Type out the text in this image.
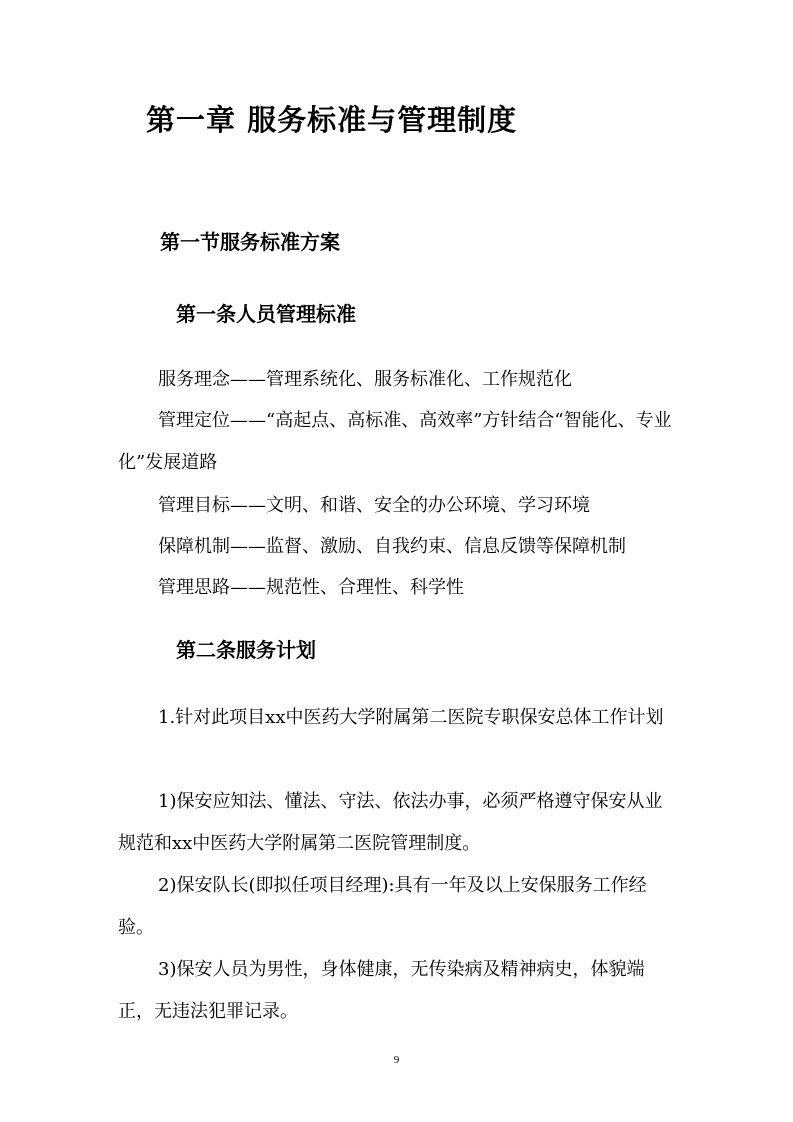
第一章 服务标准与管理制度
第一节服务标准方案
第一条人员管理标准

服务理念——管理系统化、服务标准化、工作规范化

管理定位——“高起点、高标准、高效率”方针结合“智能化、专业化”发展道路

管理目标——文明、和谐、安全的办公环境、学习环境

保障机制——监督、激励、自我约束、信息反馈等保障机制

管理思路——规范性、合理性、科学性

第二条服务计划

1.针对此项目xx中医药大学附属第二医院专职保安总体工作计划

1)保安应知法、懂法、守法、依法办事，必须严格遵守保安从业规范和xx中医药大学附属第二医院管理制度。

2)保安队长(即拟任项目经理):具有一年及以上安保服务工作经验。

3)保安人员为男性，身体健康，无传染病及精神病史，体貌端正，无违法犯罪记录。

9
